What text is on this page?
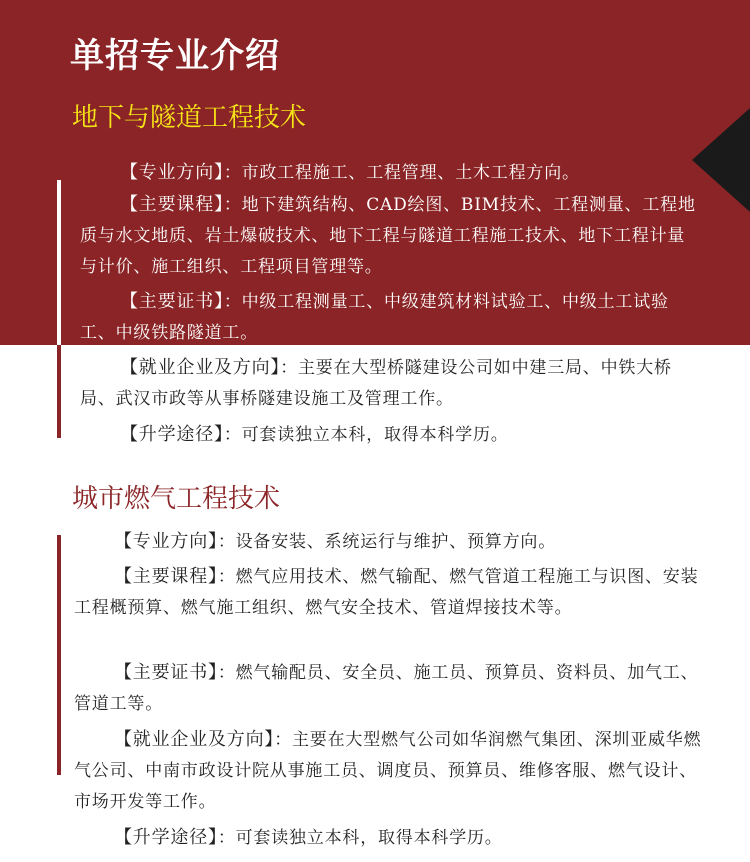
单招专业介绍
地下与隧道工程技术
【专业方向】：市政工程施工、工程管理、土木工程方向。
【主要课程】：地下建筑结构、CAD绘图、BIM技术、工程测量、工程地质与水文地质、岩土爆破技术、地下工程与隧道工程施工技术、地下工程计量与计价、施工组织、工程项目管理等。
【主要证书】：中级工程测量工、中级建筑材料试验工、中级土工试验工、中级铁路隧道工。
【就业企业及方向】：主要在大型桥隧建设公司如中建三局、中铁大桥局、武汉市政等从事桥隧建设施工及管理工作。
【升学途径】：可套读独立本科，取得本科学历。
城市燃气工程技术
【专业方向】：设备安装、系统运行与维护、预算方向。
【主要课程】：燃气应用技术、燃气输配、燃气管道工程施工与识图、安装工程概预算、燃气施工组织、燃气安全技术、管道焊接技术等。
【主要证书】：燃气输配员、安全员、施工员、预算员、资料员、加气工、管道工等。
【就业企业及方向】：主要在大型燃气公司如华润燃气集团、深圳亚威华燃气公司、中南市政设计院从事施工员、调度员、预算员、维修客服、燃气设计、市场开发等工作。
【升学途径】：可套读独立本科，取得本科学历。
